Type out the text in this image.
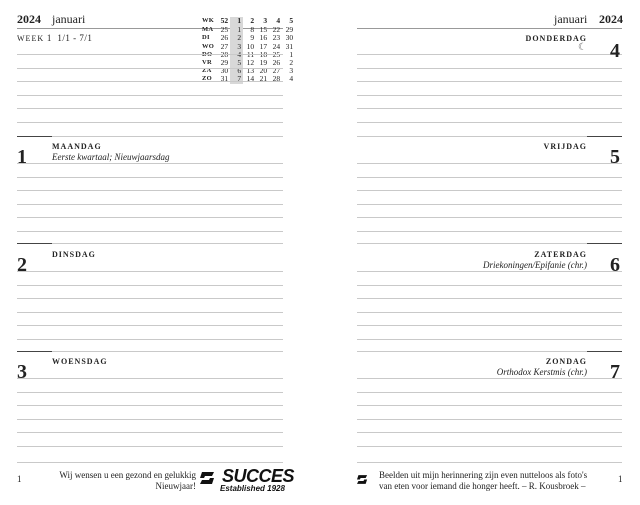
2024 januari
WEEK 1 1/1 - 7/1
WK	52	1	2	3	4	5
MA	25	1	8	15	22	29
DI	26	2	9	16	23	30
WO	27	3	10	17	24	31
DO	28	4	11	18	25	1
VR	29	5	12	19	26	2
ZA	30	6	13	20	27	3
ZO	31	7	14	21	28	4
1	MAANDAG
Eerste kwartaal; Nieuwjaarsdag
2	DINSDAG
3	WOENSDAG
1	Wij wensen u een gezond en gelukkig
Nieuwjaar!	SUCCES
Established 1928
januari 2024
DONDERDAG
☾ 4
VRIJDAG 5
ZATERDAG
Driekoningen/Epifanie (chr.) 6
ZONDAG
Orthodox Kerstmis (chr.) 7
Beelden uit mijn herinnering zijn even nutteloos als foto's
van eten voor iemand die honger heeft. – R. Kousbroek –
1
